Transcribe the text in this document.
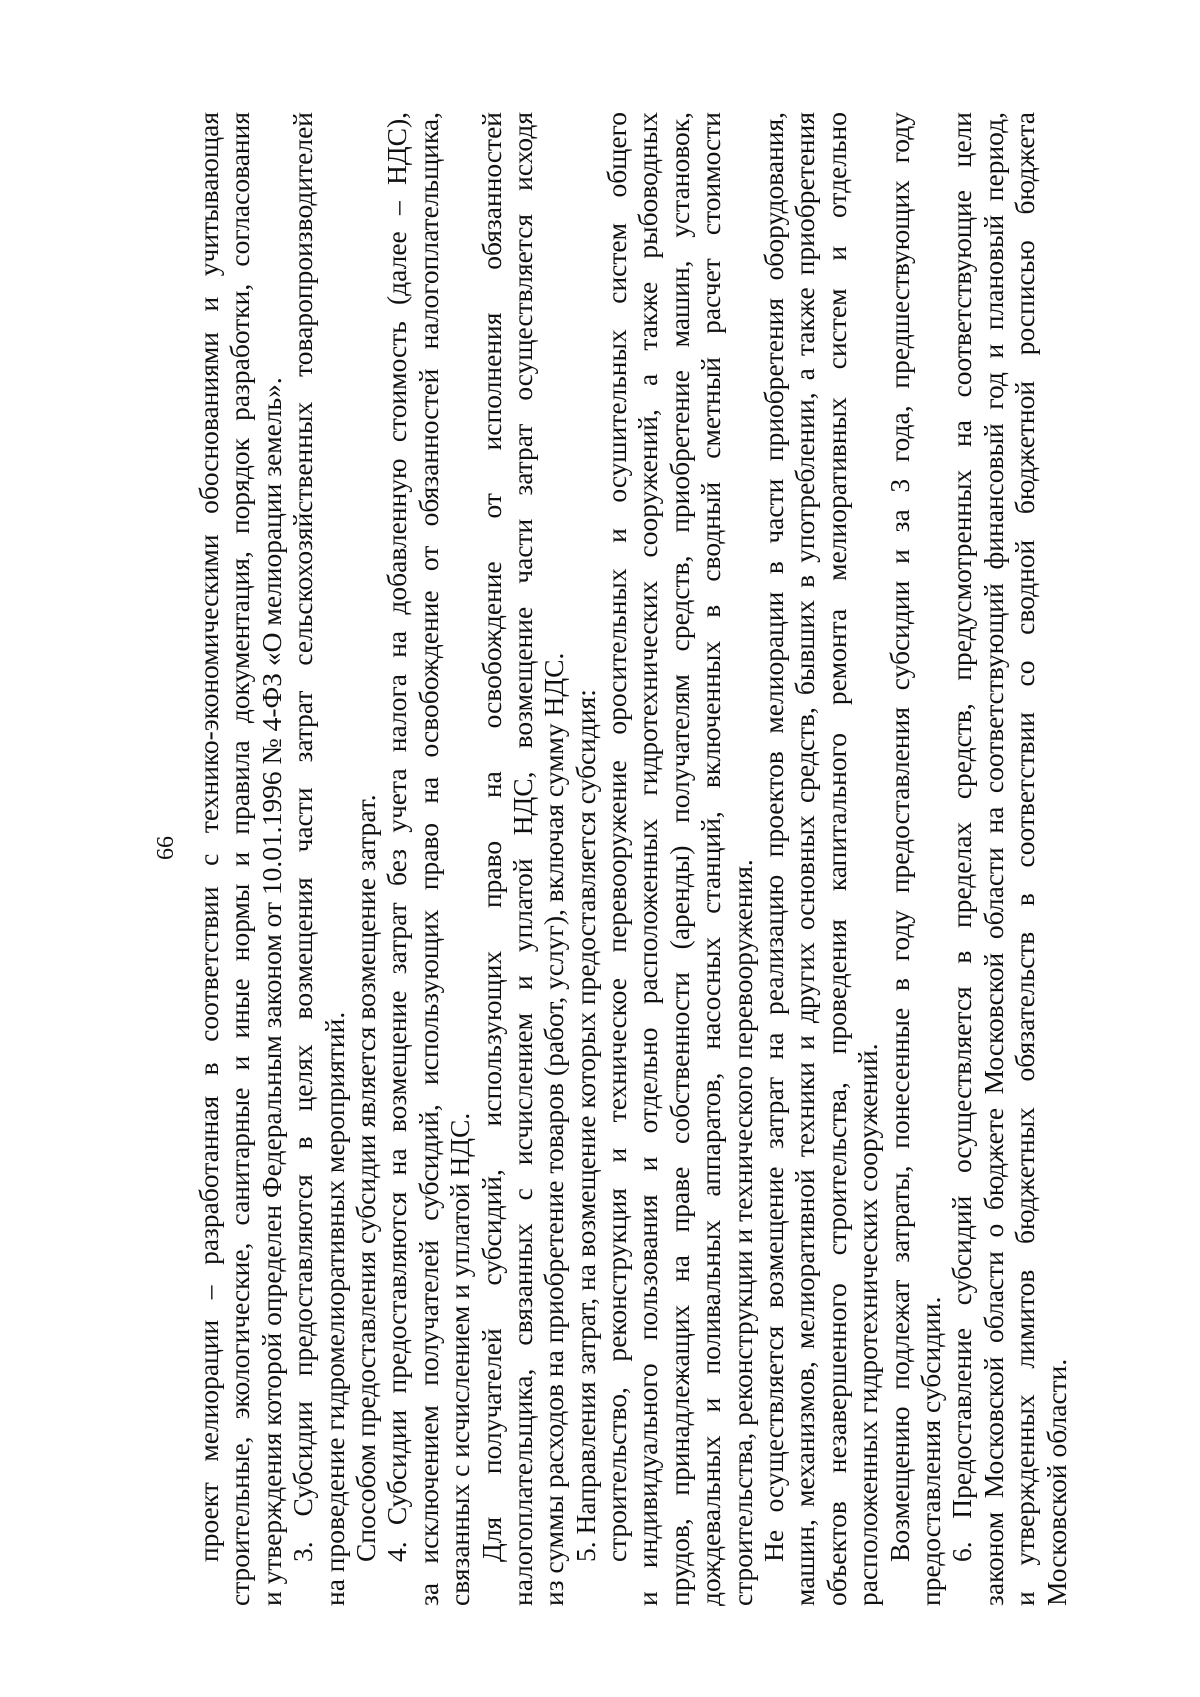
66 проект мелиорации – разработанная в соответствии с технико-экономическими обоснованиями и учитывающая строительные, экологические, санитарные и иные нормы и правила документация, порядок разработки, согласования и утверждения которой определен Федеральным законом от 10.01.1996 № 4-ФЗ «О мелиорации земель». 3. Субсидии предоставляются в целях возмещения части затрат сельскохозяйственных товаропроизводителей на проведение гидромелиоративных мероприятий. Способом предоставления субсидии является возмещение затрат. 4. Субсидии предоставляются на возмещение затрат без учета налога на добавленную стоимость (далее – НДС), за исключением получателей субсидий, использующих право на освобождение от обязанностей налогоплательщика, связанных с исчислением и уплатой НДС. Для получателей субсидий, использующих право на освобождение от исполнения обязанностей налогоплательщика, связанных с исчислением и уплатой НДС, возмещение части затрат осуществляется исходя из суммы расходов на приобретение товаров (работ, услуг), включая сумму НДС. 5. Направления затрат, на возмещение которых предоставляется субсидия: строительство, реконструкция и техническое перевооружение оросительных и осушительных систем общего и индивидуального пользования и отдельно расположенных гидротехнических сооружений, а также рыбоводных прудов, принадлежащих на праве собственности (аренды) получателям средств, приобретение машин, установок, дождевальных и поливальных аппаратов, насосных станций, включенных в сводный сметный расчет стоимости строительства, реконструкции и технического перевооружения. Не осуществляется возмещение затрат на реализацию проектов мелиорации в части приобретения оборудования, машин, механизмов, мелиоративной техники и других основных средств, бывших в употреблении, а также приобретения объектов незавершенного строительства, проведения капитального ремонта мелиоративных систем и отдельно расположенных гидротехнических сооружений. Возмещению подлежат затраты, понесенные в году предоставления субсидии и за 3 года, предшествующих году предоставления субсидии. 6. Предоставление субсидий осуществляется в пределах средств, предусмотренных на соответствующие цели законом Московской области о бюджете Московской области на соответствующий финансовый год и плановый период, и утвержденных лимитов бюджетных обязательств в соответствии со сводной бюджетной росписью бюджета Московской области.
